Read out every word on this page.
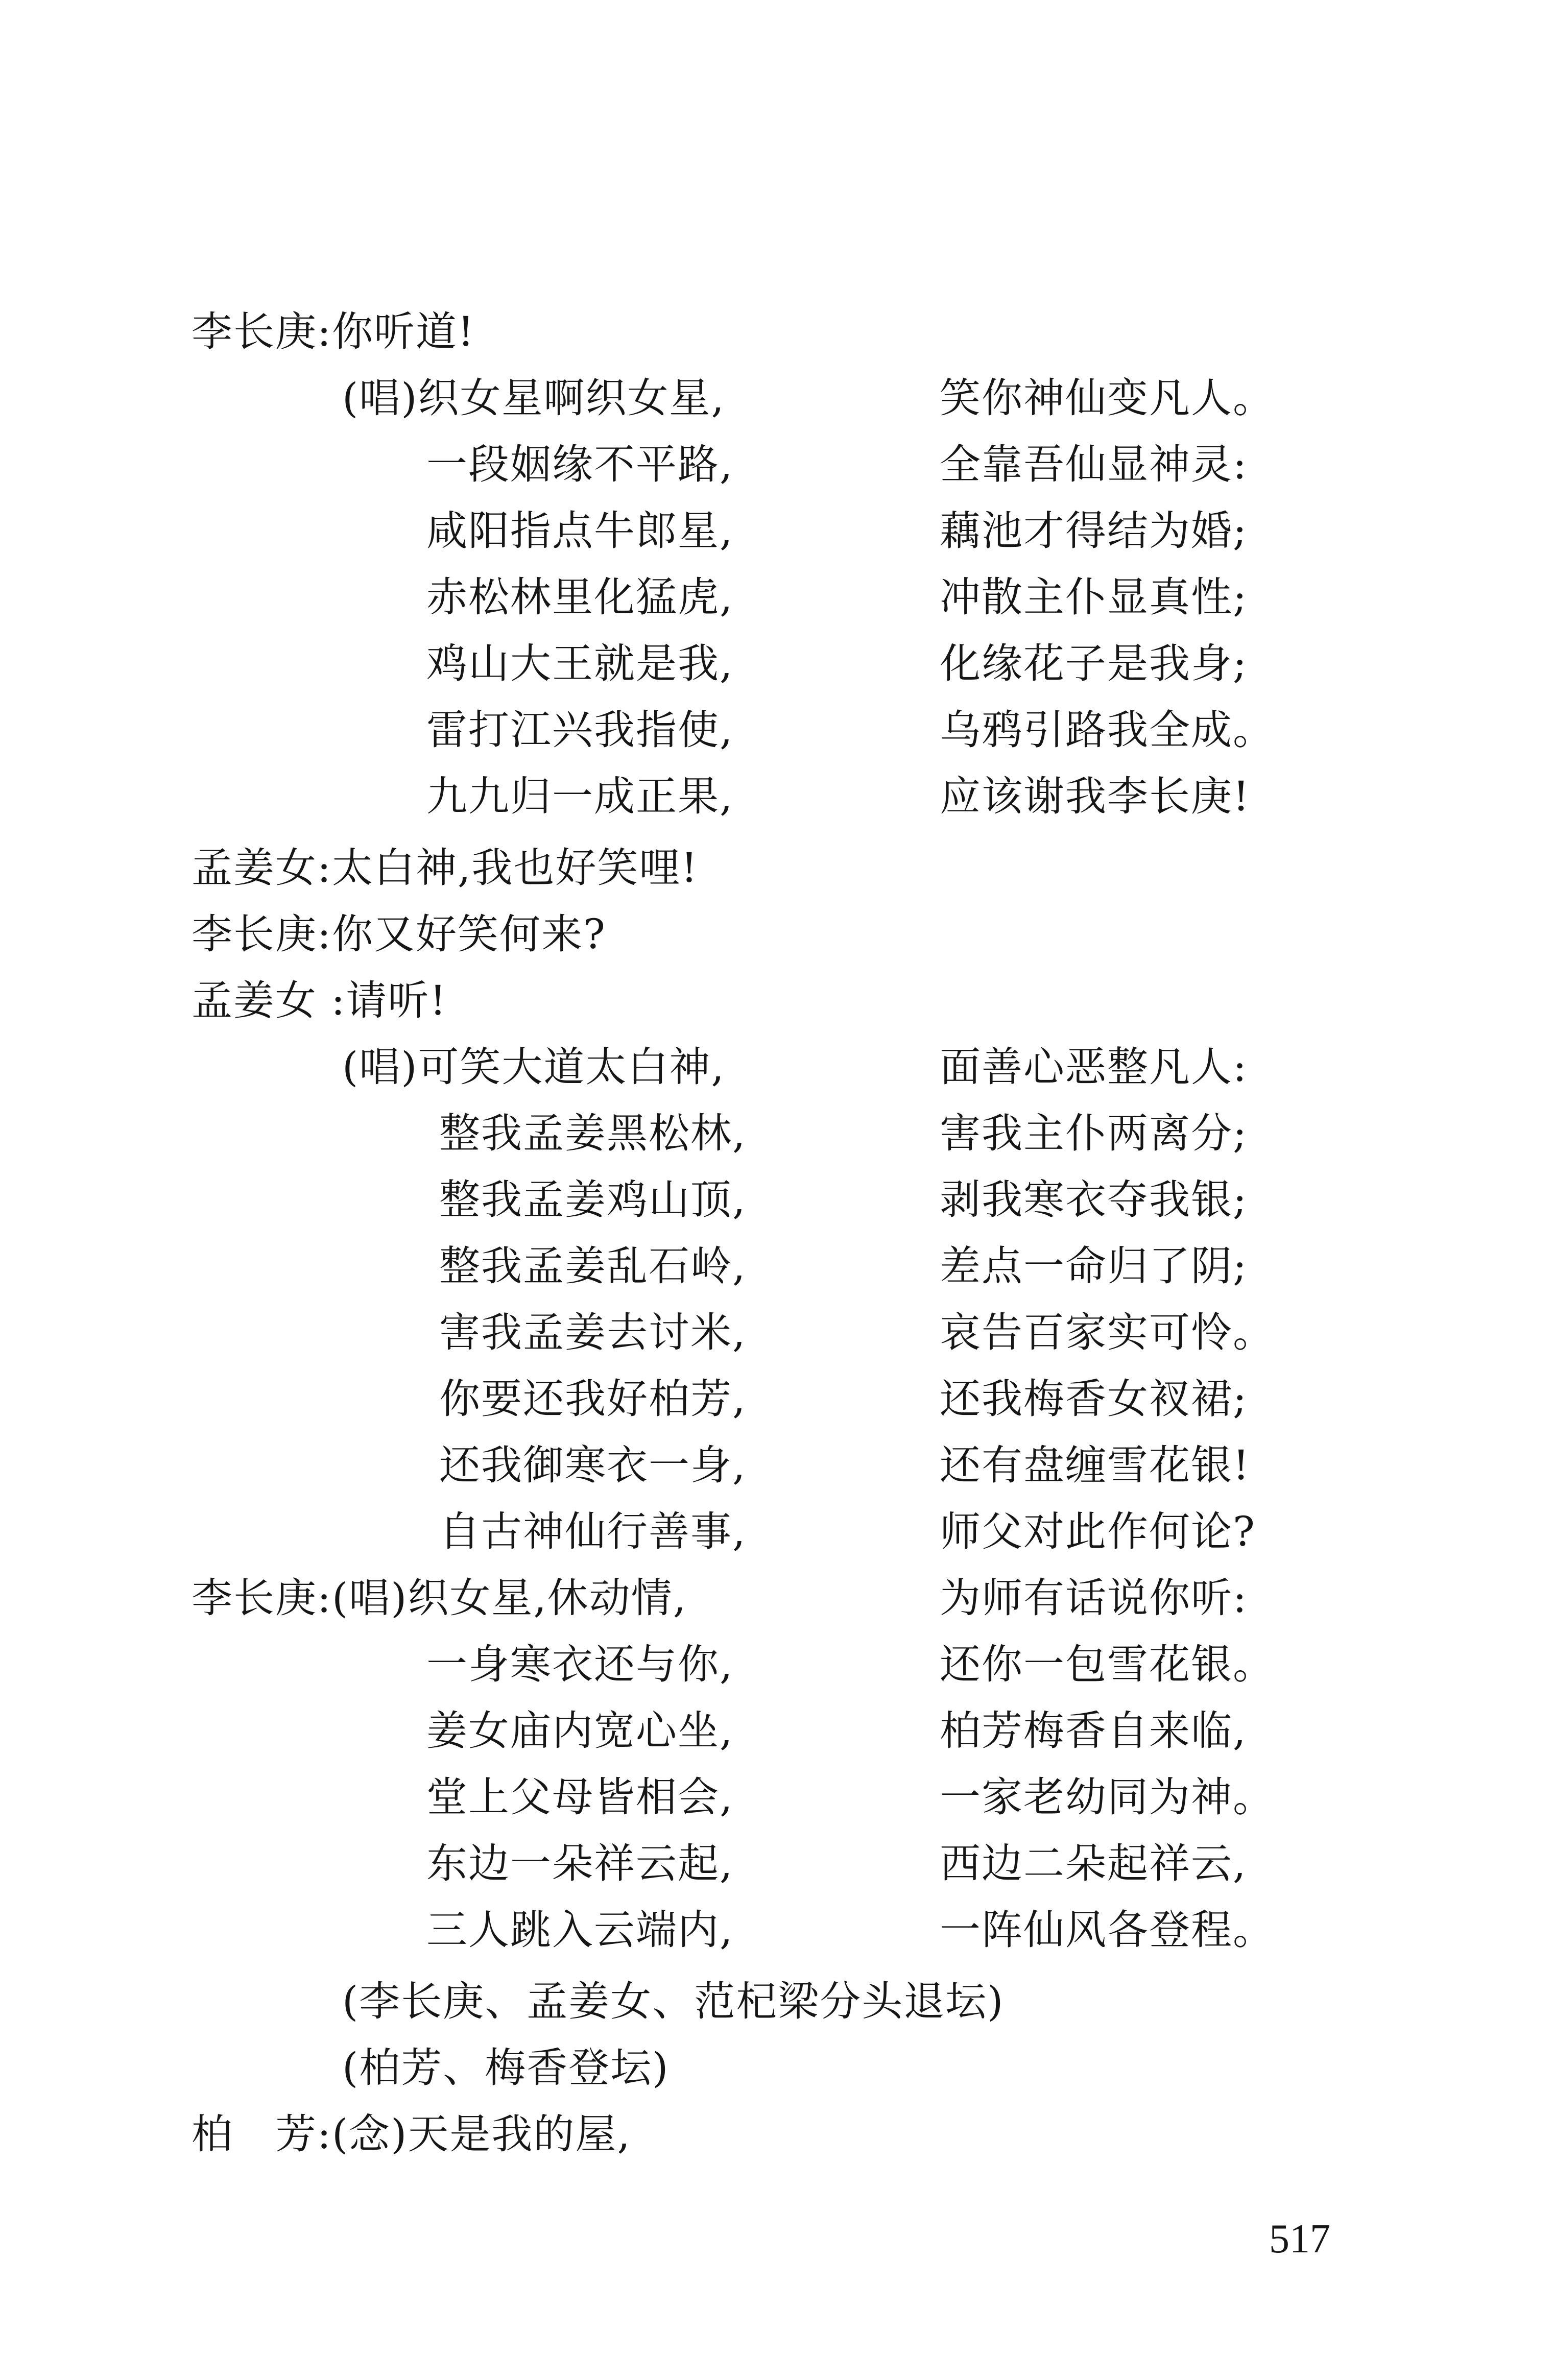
李长庚:你听道!
(唱)织女星啊织女星,	笑你神仙变凡人。
一段姻缘不平路,	全靠吾仙显神灵:
咸阳指点牛郎星,	藕池才得结为婚;
赤松林里化猛虎,	冲散主仆显真性;
鸡山大王就是我,	化缘花子是我身;
雷打江兴我指使,	乌鸦引路我全成。
九九归一成正果,	应该谢我李长庚!
孟姜女:太白神,我也好笑哩!
李长庚:你又好笑何来?
孟姜女 :请听!
(唱)可笑大道太白神,	面善心恶整凡人:
整我孟姜黑松林,	害我主仆两离分;
整我孟姜鸡山顶,	剥我寒衣夺我银;
整我孟姜乱石岭,	差点一命归了阴;
害我孟姜去讨米,	哀告百家实可怜。
你要还我好柏芳,	还我梅香女衩裙;
还我御寒衣一身,	还有盘缠雪花银!
自古神仙行善事,	师父对此作何论?
李长庚:(唱)织女星,休动情,	为师有话说你听:
一身寒衣还与你,	还你一包雪花银。
姜女庙内宽心坐,	柏芳梅香自来临,
堂上父母皆相会,	一家老幼同为神。
东边一朵祥云起,	西边二朵起祥云,
三人跳入云端内,	一阵仙风各登程。
(李长庚、孟姜女、范杞梁分头退坛)
(柏芳、梅香登坛)
柏　芳:(念)天是我的屋,
517
